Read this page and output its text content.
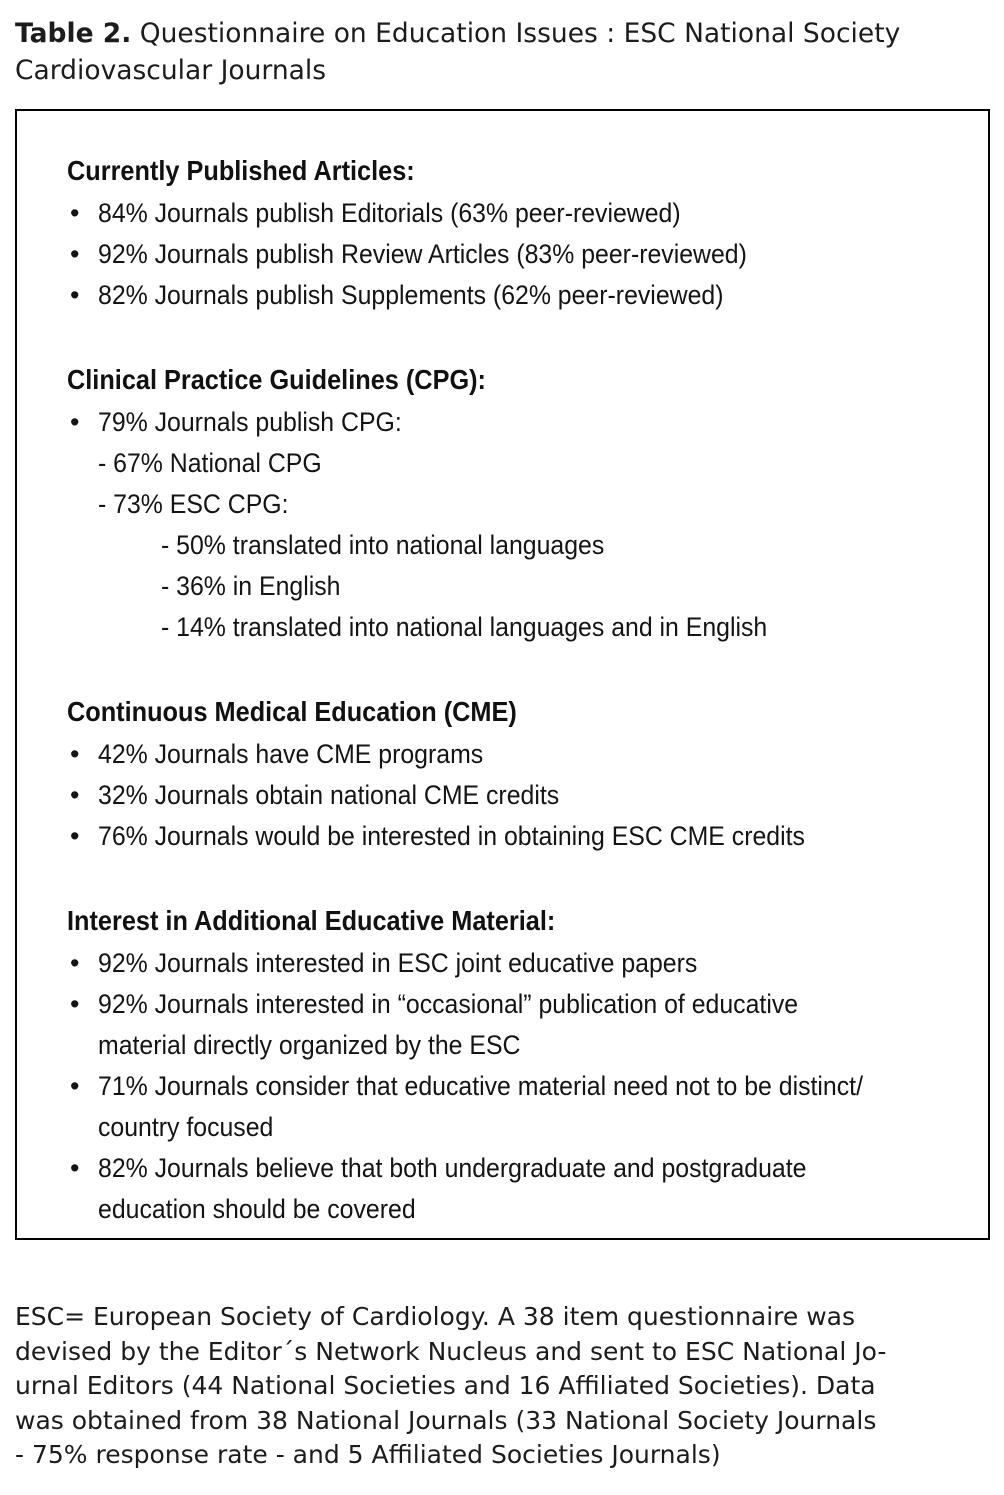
Table 2. Questionnaire on Education Issues : ESC National Society Cardiovascular Journals
Currently Published Articles:
• 84% Journals publish Editorials (63% peer-reviewed)
• 92% Journals publish Review Articles (83% peer-reviewed)
• 82% Journals publish Supplements (62% peer-reviewed)
Clinical Practice Guidelines (CPG):
• 79% Journals publish CPG:
- 67% National CPG
- 73% ESC CPG:
- 50% translated into national languages
- 36% in English
- 14% translated into national languages and in English
Continuous Medical Education (CME)
• 42% Journals have CME programs
• 32% Journals obtain national CME credits
• 76% Journals would be interested in obtaining ESC CME credits
Interest in Additional Educative Material:
• 92% Journals interested in ESC joint educative papers
• 92% Journals interested in “occasional” publication of educative
material directly organized by the ESC
• 71% Journals consider that educative material need not to be distinct/
country focused
• 82% Journals believe that both undergraduate and postgraduate
education should be covered
ESC= European Society of Cardiology. A 38 item questionnaire was
devised by the Editor´s Network Nucleus and sent to ESC National Jo-
urnal Editors (44 National Societies and 16 Affiliated Societies). Data
was obtained from 38 National Journals (33 National Society Journals
- 75% response rate - and 5 Affiliated Societies Journals)
